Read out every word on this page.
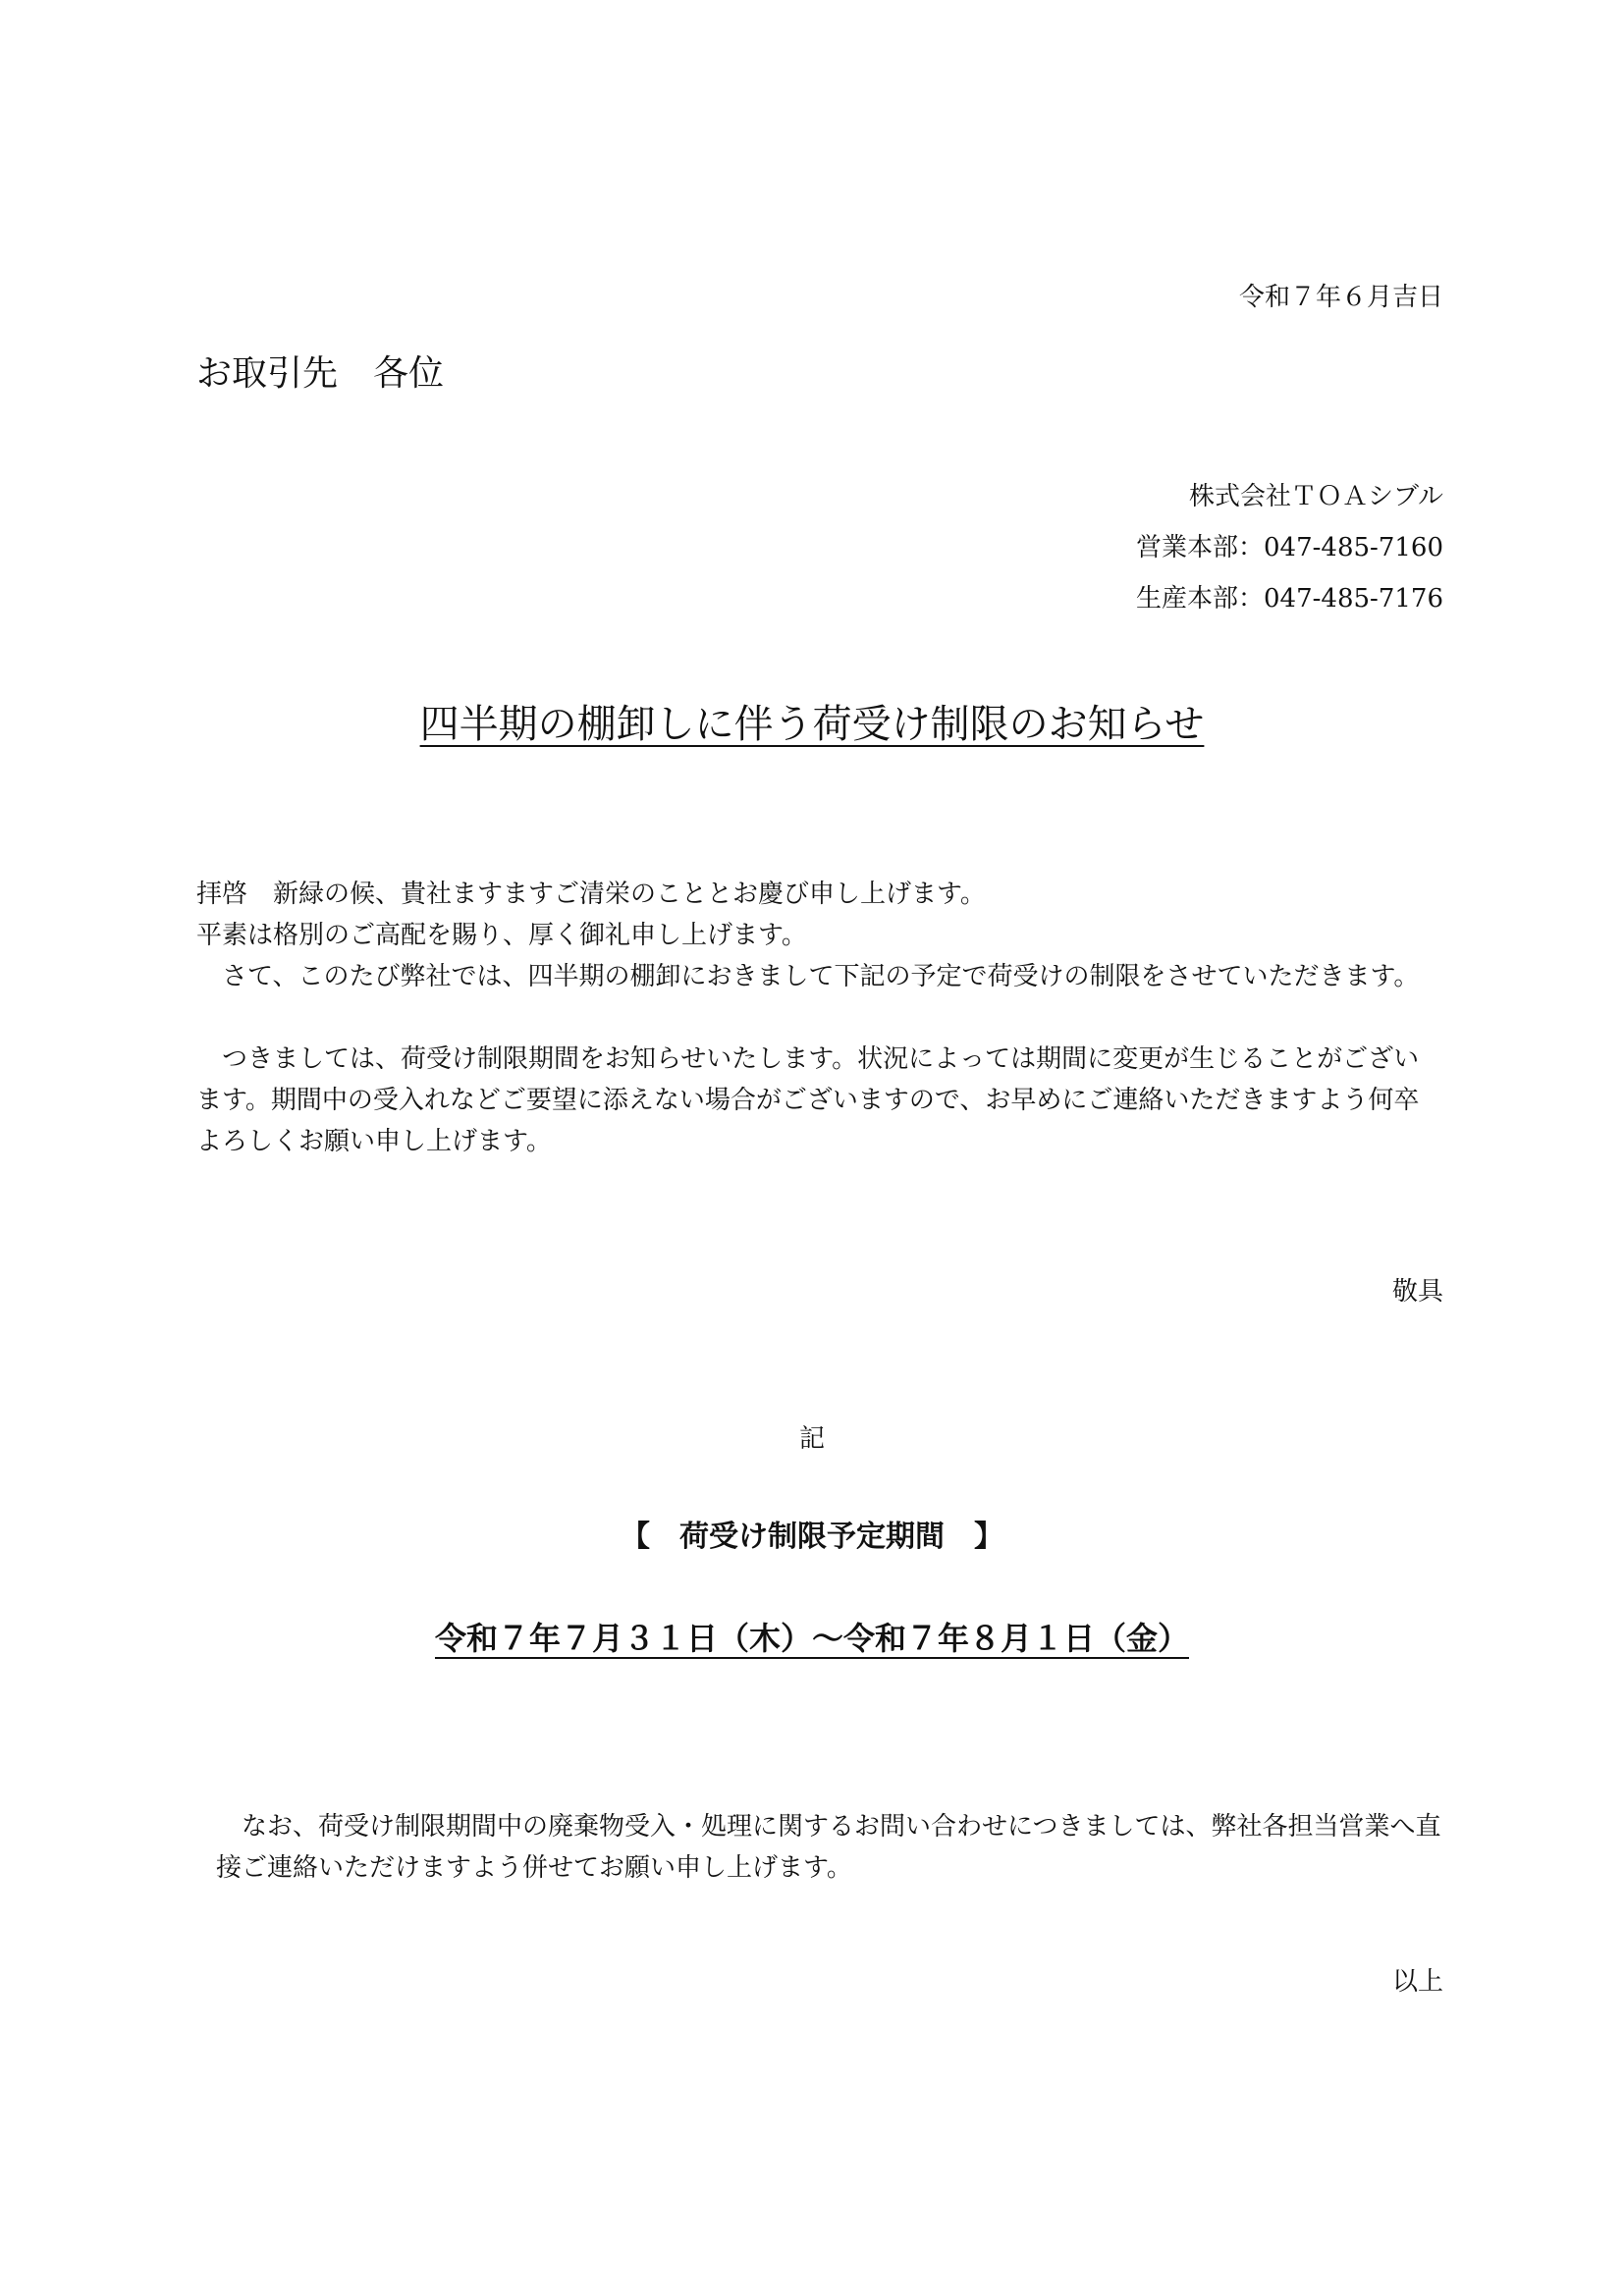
令和７年６月吉日
お取引先　各位
株式会社ＴＯＡシブル
営業本部：047-485-7160
生産本部：047-485-7176
四半期の棚卸しに伴う荷受け制限のお知らせ
拝啓　新緑の候、貴社ますますご清栄のこととお慶び申し上げます。
平素は格別のご高配を賜り、厚く御礼申し上げます。
さて、このたび弊社では、四半期の棚卸におきまして下記の予定で荷受けの制限をさせていただきます。
つきましては、荷受け制限期間をお知らせいたします。状況によっては期間に変更が生じることがございます。期間中の受入れなどご要望に添えない場合がございますので、お早めにご連絡いただきますよう何卒よろしくお願い申し上げます。
敬具
記
【　荷受け制限予定期間　】
令和７年７月３１日（木）～令和７年８月１日（金）
なお、荷受け制限期間中の廃棄物受入・処理に関するお問い合わせにつきましては、弊社各担当営業へ直接ご連絡いただけますよう併せてお願い申し上げます。
以上
